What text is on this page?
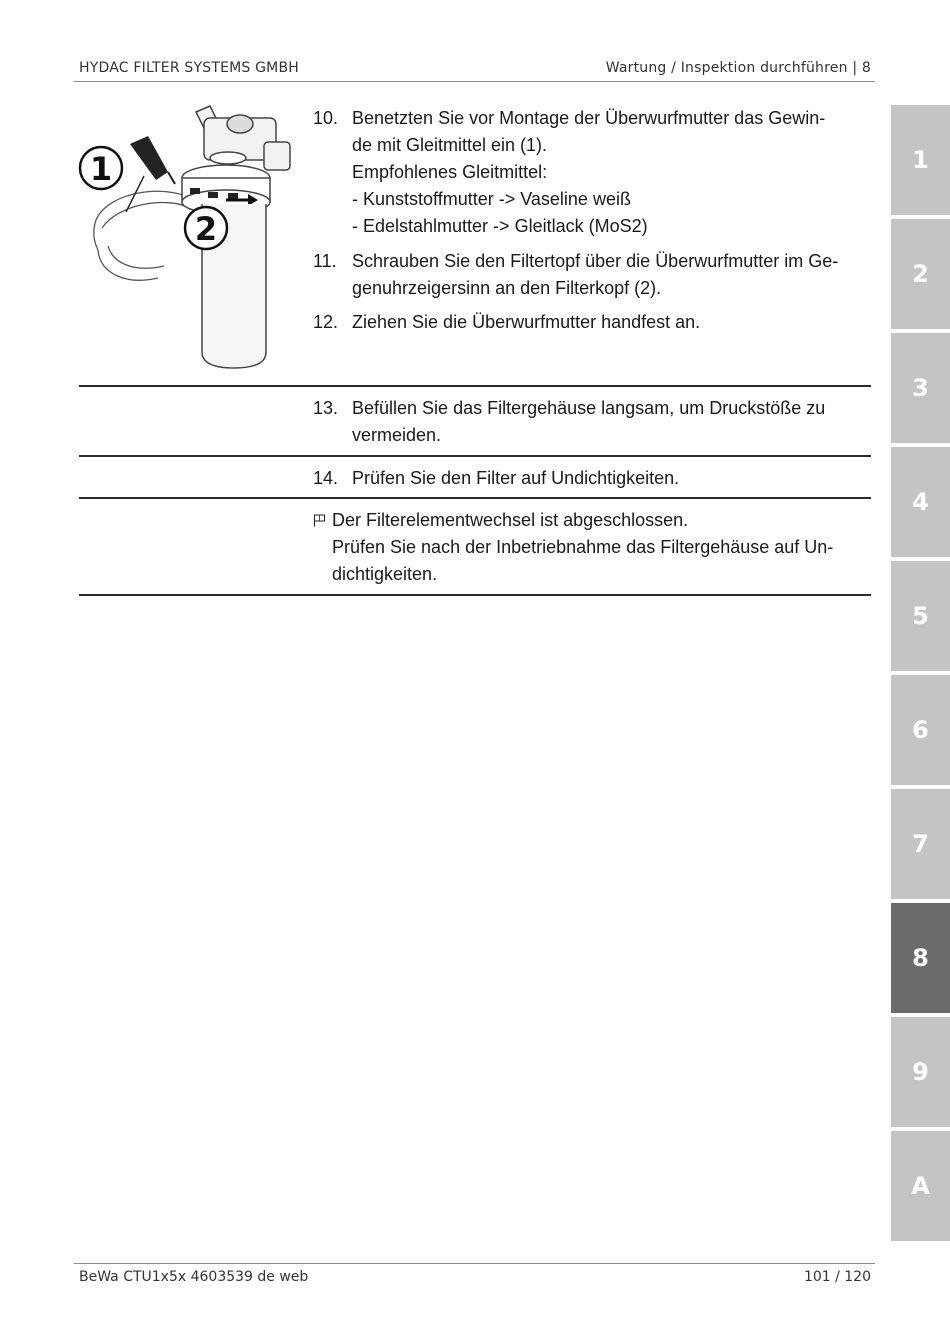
HYDAC FILTER SYSTEMS GMBH	Wartung / Inspektion durchführen | 8
1
2
10. Benetzten Sie vor Montage der Überwurfmutter das Gewin-
de mit Gleitmittel ein (1).
Empfohlenes Gleitmittel:
- Kunststoffmutter -> Vaseline weiß
- Edelstahlmutter -> Gleitlack (MoS2)
11. Schrauben Sie den Filtertopf über die Überwurfmutter im Ge-
genuhrzeigersinn an den Filterkopf (2).
12. Ziehen Sie die Überwurfmutter handfest an.
13. Befüllen Sie das Filtergehäuse langsam, um Druckstöße zu
vermeiden.
14. Prüfen Sie den Filter auf Undichtigkeiten.
Der Filterelementwechsel ist abgeschlossen.
Prüfen Sie nach der Inbetriebnahme das Filtergehäuse auf Un-
dichtigkeiten.
1
2
3
4
5
6
7
8
9
A
BeWa CTU1x5x 4603539 de web	101 / 120
